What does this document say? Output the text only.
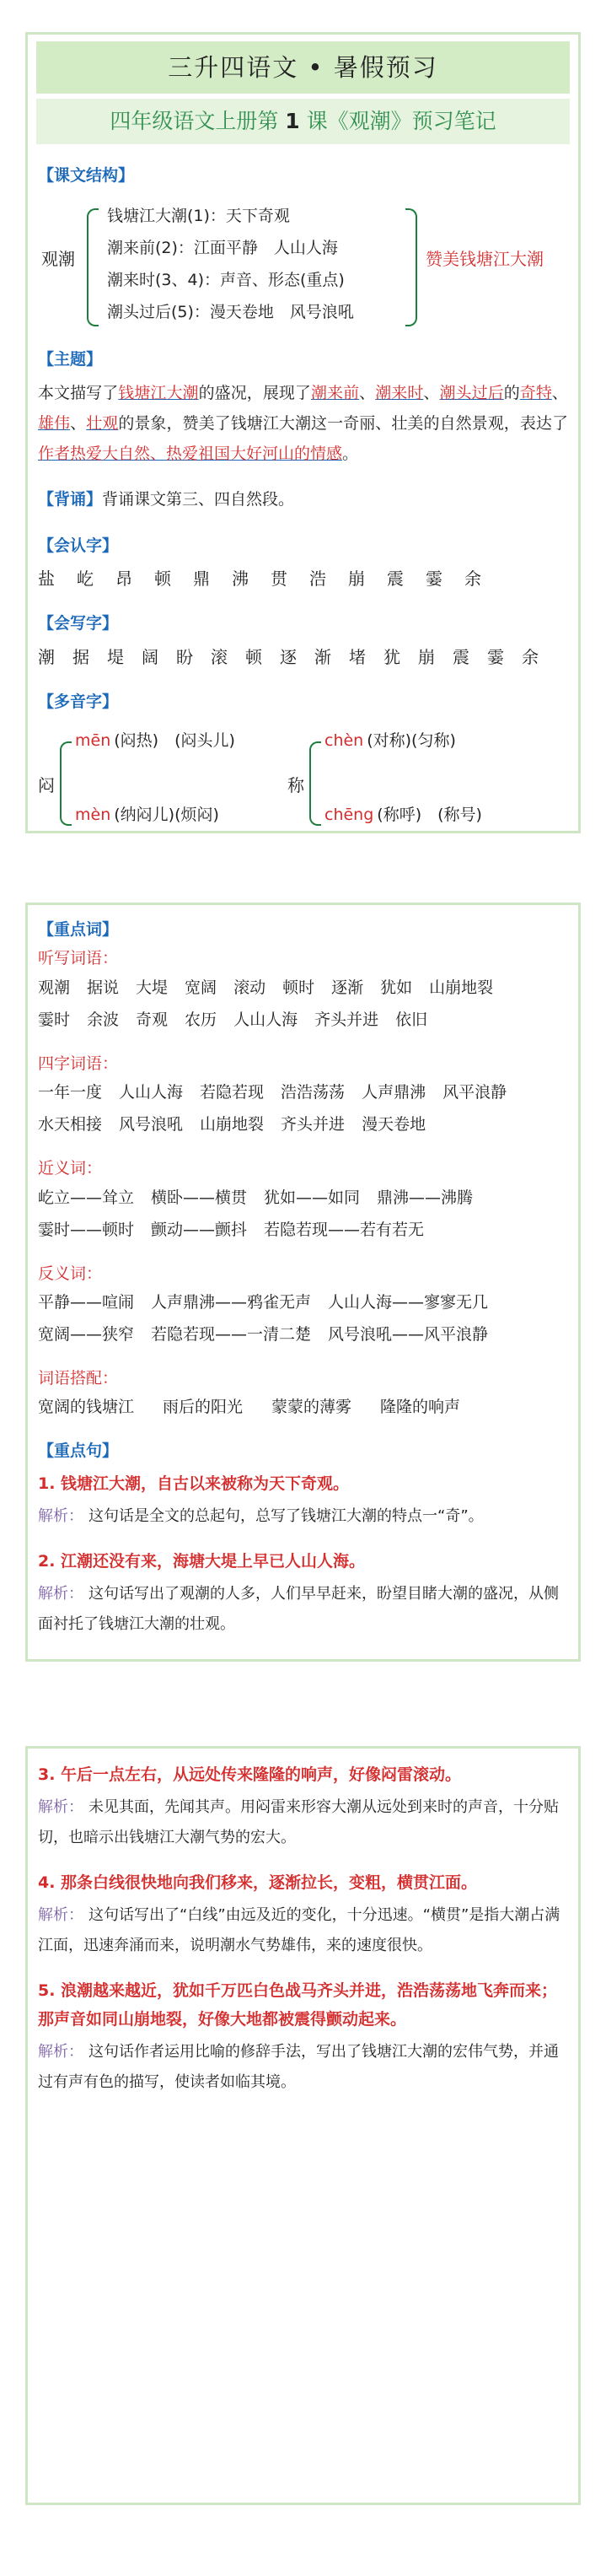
三升四语文 • 暑假预习
四年级语文上册第 1 课《观潮》预习笔记
【课文结构】
观潮
钱塘江大潮(1)：天下奇观
潮来前(2)：江面平静　人山人海
潮来时(3、4)：声音、形态(重点)
潮头过后(5)：漫天卷地　风号浪吼
赞美钱塘江大潮
【主题】
本文描写了钱塘江大潮的盛况，展现了潮来前、潮来时、潮头过后的奇特、雄伟、壮观的景象，赞美了钱塘江大潮这一奇丽、壮美的自然景观，表达了作者热爱大自然、热爱祖国大好河山的情感。
【背诵】背诵课文第三、四自然段。
【会认字】
盐 屹 昂 顿 鼎 沸 贯 浩 崩 震 霎 余
【会写字】
潮 据 堤 阔 盼 滚 顿 逐 渐 堵 犹 崩 震 霎 余
【多音字】
闷
mēn (闷热)　(闷头儿)
mèn (纳闷儿)(烦闷)
称
chèn (对称)(匀称)
chēng (称呼)　(称号)
【重点词】
听写词语：
观潮 据说 大堤 宽阔 滚动 顿时 逐渐 犹如 山崩地裂
霎时 余波 奇观 农历 人山人海 齐头并进 依旧
四字词语：
一年一度 人山人海 若隐若现 浩浩荡荡 人声鼎沸 风平浪静
水天相接 风号浪吼 山崩地裂 齐头并进 漫天卷地
近义词：
屹立——耸立 横卧——横贯 犹如——如同 鼎沸——沸腾
霎时——顿时 颤动——颤抖 若隐若现——若有若无
反义词：
平静——喧闹 人声鼎沸——鸦雀无声 人山人海——寥寥无几
宽阔——狭窄 若隐若现——一清二楚 风号浪吼——风平浪静
词语搭配：
宽阔的钱塘江 雨后的阳光 蒙蒙的薄雾 隆隆的响声
【重点句】
1. 钱塘江大潮，自古以来被称为天下奇观。
解析： 这句话是全文的总起句，总写了钱塘江大潮的特点一“奇”。
2. 江潮还没有来，海塘大堤上早已人山人海。
解析： 这句话写出了观潮的人多，人们早早赶来，盼望目睹大潮的盛况，从侧面衬托了钱塘江大潮的壮观。
3. 午后一点左右，从远处传来隆隆的响声，好像闷雷滚动。
解析： 未见其面，先闻其声。用闷雷来形容大潮从远处到来时的声音，十分贴切，也暗示出钱塘江大潮气势的宏大。
4. 那条白线很快地向我们移来，逐渐拉长，变粗，横贯江面。
解析： 这句话写出了“白线”由远及近的变化，十分迅速。“横贯”是指大潮占满江面，迅速奔涌而来，说明潮水气势雄伟，来的速度很快。
5. 浪潮越来越近，犹如千万匹白色战马齐头并进，浩浩荡荡地飞奔而来；那声音如同山崩地裂，好像大地都被震得颤动起来。
解析： 这句话作者运用比喻的修辞手法，写出了钱塘江大潮的宏伟气势，并通过有声有色的描写，使读者如临其境。
